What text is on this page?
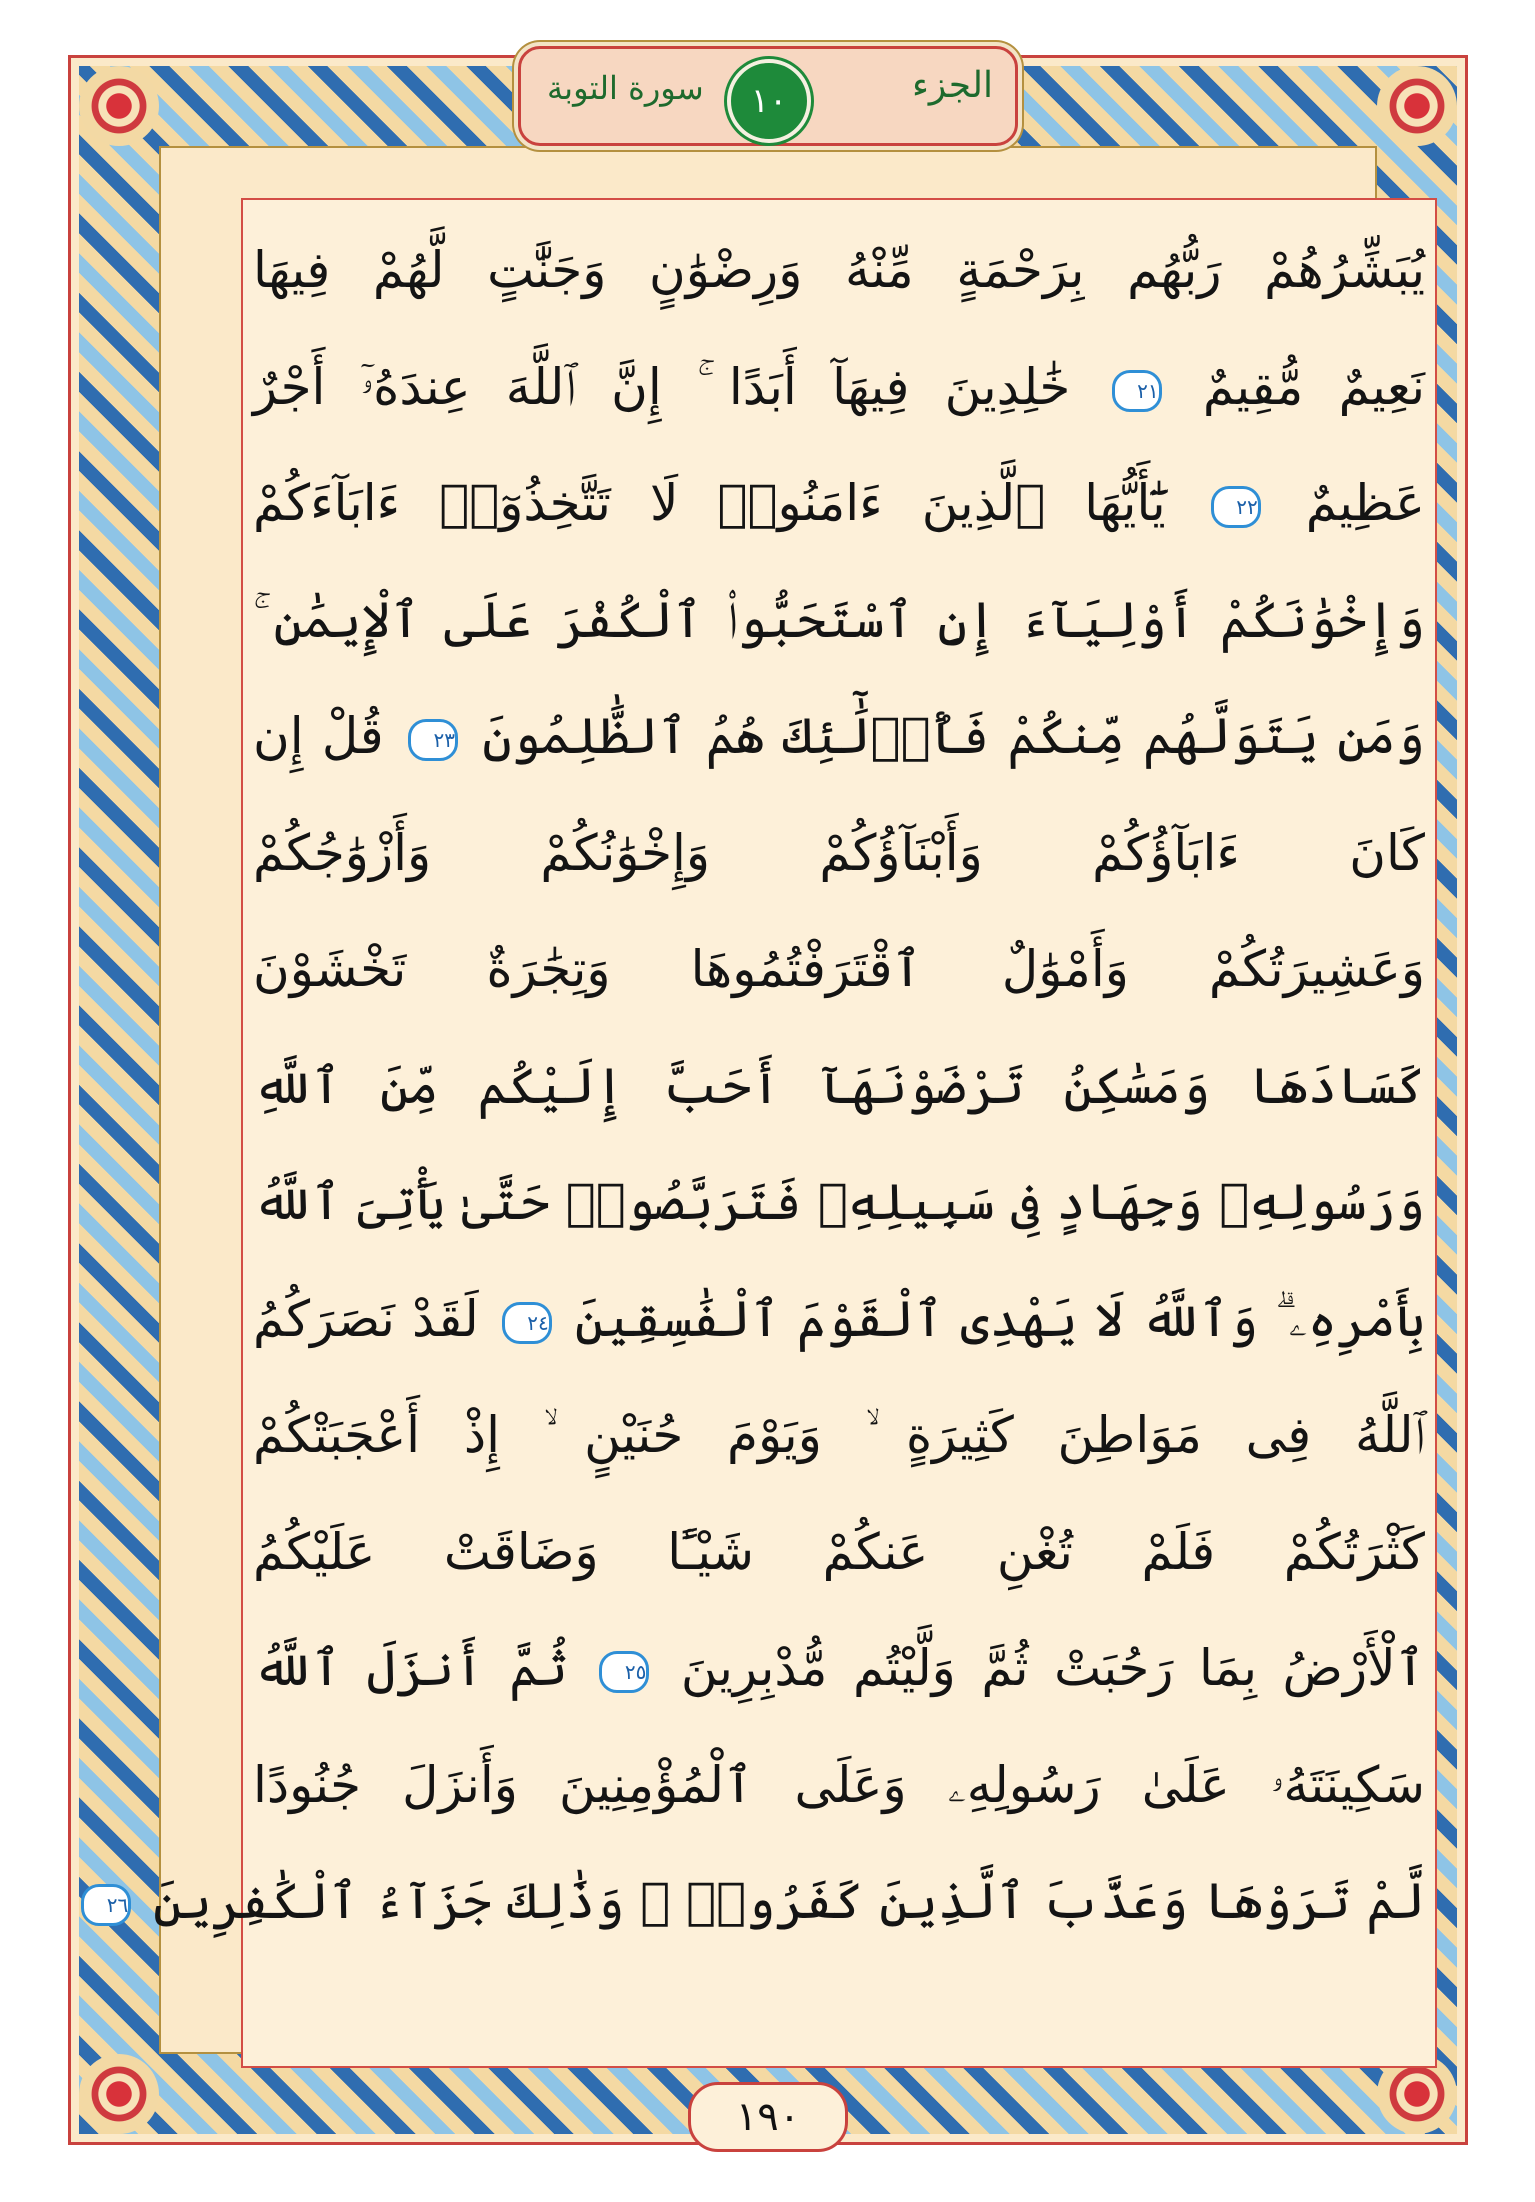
يُبَشِّرُهُمْ رَبُّهُم بِرَحْمَةٍ مِّنْهُ وَرِضْوَٰنٍ وَجَنَّٰتٍ لَّهُمْ فِيهَا
نَعِيمٌ مُّقِيمٌ ٢١ خَٰلِدِينَ فِيهَآ أَبَدًا ۚ إِنَّ ٱللَّهَ عِندَهُۥٓ أَجْرٌ
عَظِيمٌ ٢٢ يَٰٓأَيُّهَا ٱلَّذِينَ ءَامَنُوا۟ لَا تَتَّخِذُوٓا۟ ءَابَآءَكُمْ
وَإِخْوَٰنَكُمْ أَوْلِيَآءَ إِنِ ٱسْتَحَبُّوا۟ ٱلْكُفْرَ عَلَى ٱلْإِيمَٰنِ ۚ
وَمَن يَتَوَلَّهُم مِّنكُمْ فَأُو۟لَٰٓئِكَ هُمُ ٱلظَّٰلِمُونَ ٢٣ قُلْ إِن
كَانَ ءَابَآؤُكُمْ وَأَبْنَآؤُكُمْ وَإِخْوَٰنُكُمْ وَأَزْوَٰجُكُمْ
وَعَشِيرَتُكُمْ وَأَمْوَٰلٌ ٱقْتَرَفْتُمُوهَا وَتِجَٰرَةٌ تَخْشَوْنَ
كَسَادَهَا وَمَسَٰكِنُ تَرْضَوْنَهَآ أَحَبَّ إِلَيْكُم مِّنَ ٱللَّهِ
وَرَسُولِهِۦ وَجِهَادٍ فِى سَبِيلِهِۦ فَتَرَبَّصُوا۟ حَتَّىٰ يَأْتِىَ ٱللَّهُ
بِأَمْرِهِۦ ۗ وَٱللَّهُ لَا يَهْدِى ٱلْقَوْمَ ٱلْفَٰسِقِينَ ٢٤ لَقَدْ نَصَرَكُمُ
ٱللَّهُ فِى مَوَاطِنَ كَثِيرَةٍ ۙ وَيَوْمَ حُنَيْنٍ ۙ إِذْ أَعْجَبَتْكُمْ
كَثْرَتُكُمْ فَلَمْ تُغْنِ عَنكُمْ شَيْـًٔا وَضَاقَتْ عَلَيْكُمُ
ٱلْأَرْضُ بِمَا رَحُبَتْ ثُمَّ وَلَّيْتُم مُّدْبِرِينَ ٢٥ ثُمَّ أَنزَلَ ٱللَّهُ
سَكِينَتَهُۥ عَلَىٰ رَسُولِهِۦ وَعَلَى ٱلْمُؤْمِنِينَ وَأَنزَلَ جُنُودًا
لَّمْ تَرَوْهَا وَعَذَّبَ ٱلَّذِينَ كَفَرُوا۟ ۚ وَذَٰلِكَ جَزَآءُ ٱلْكَٰفِرِينَ ٢٦
سورة التوبة	١٠	الجزء
١٩٠
